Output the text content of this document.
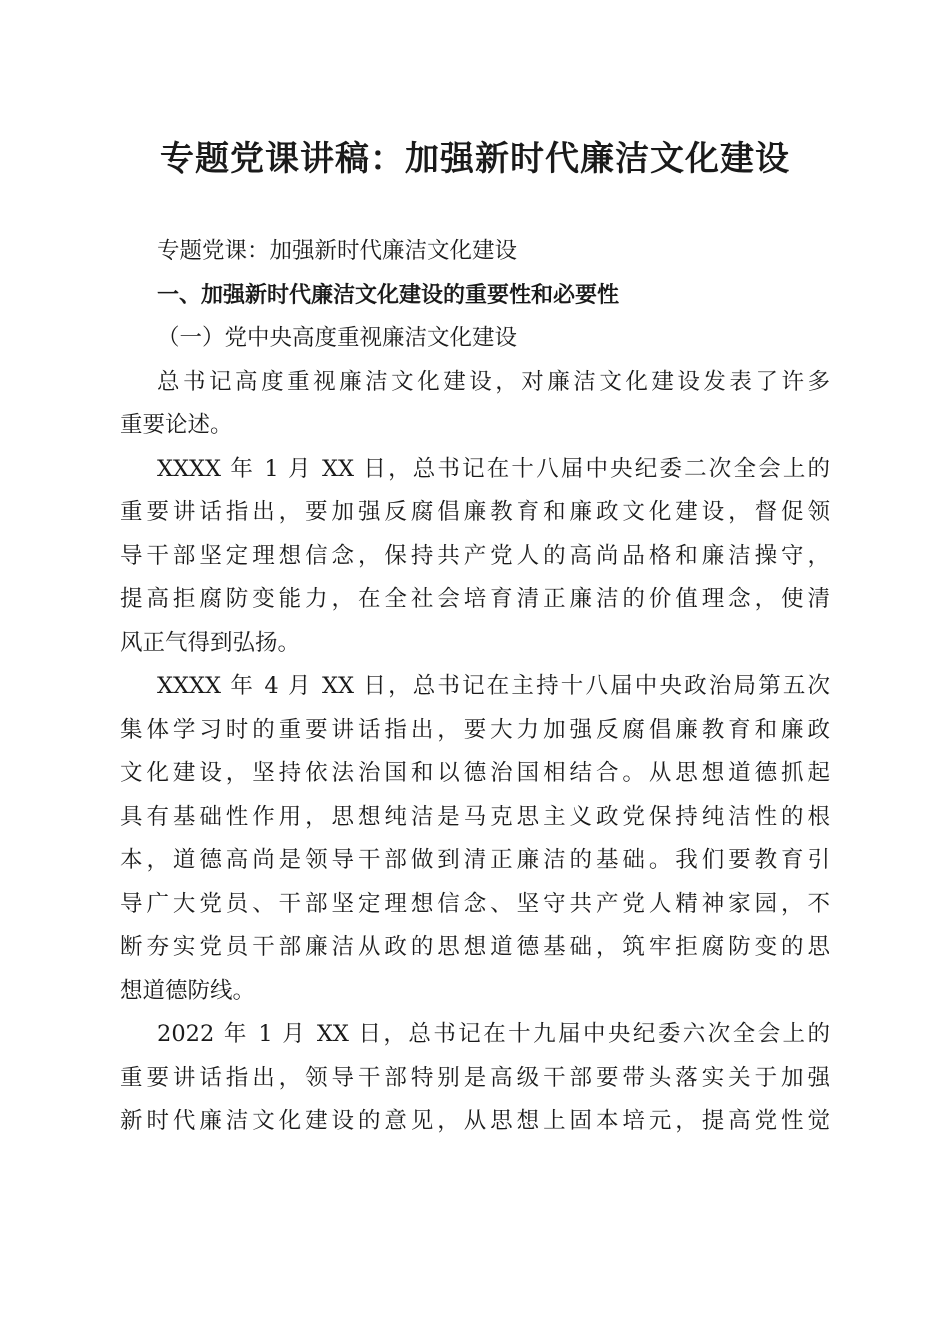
专题党课讲稿：加强新时代廉洁文化建设
专题党课：加强新时代廉洁文化建设
一、加强新时代廉洁文化建设的重要性和必要性
（一）党中央高度重视廉洁文化建设
总书记高度重视廉洁文化建设，对廉洁文化建设发表了许多
重要论述。
XXXX 年 1 月 XX 日，总书记在十八届中央纪委二次全会上的
重要讲话指出，要加强反腐倡廉教育和廉政文化建设，督促领
导干部坚定理想信念，保持共产党人的高尚品格和廉洁操守，
提高拒腐防变能力，在全社会培育清正廉洁的价值理念，使清
风正气得到弘扬。
XXXX 年 4 月 XX 日，总书记在主持十八届中央政治局第五次
集体学习时的重要讲话指出，要大力加强反腐倡廉教育和廉政
文化建设，坚持依法治国和以德治国相结合。从思想道德抓起
具有基础性作用，思想纯洁是马克思主义政党保持纯洁性的根
本，道德高尚是领导干部做到清正廉洁的基础。我们要教育引
导广大党员、干部坚定理想信念、坚守共产党人精神家园，不
断夯实党员干部廉洁从政的思想道德基础，筑牢拒腐防变的思
想道德防线。
2022 年 1 月 XX 日，总书记在十九届中央纪委六次全会上的
重要讲话指出，领导干部特别是高级干部要带头落实关于加强
新时代廉洁文化建设的意见，从思想上固本培元，提高党性觉
